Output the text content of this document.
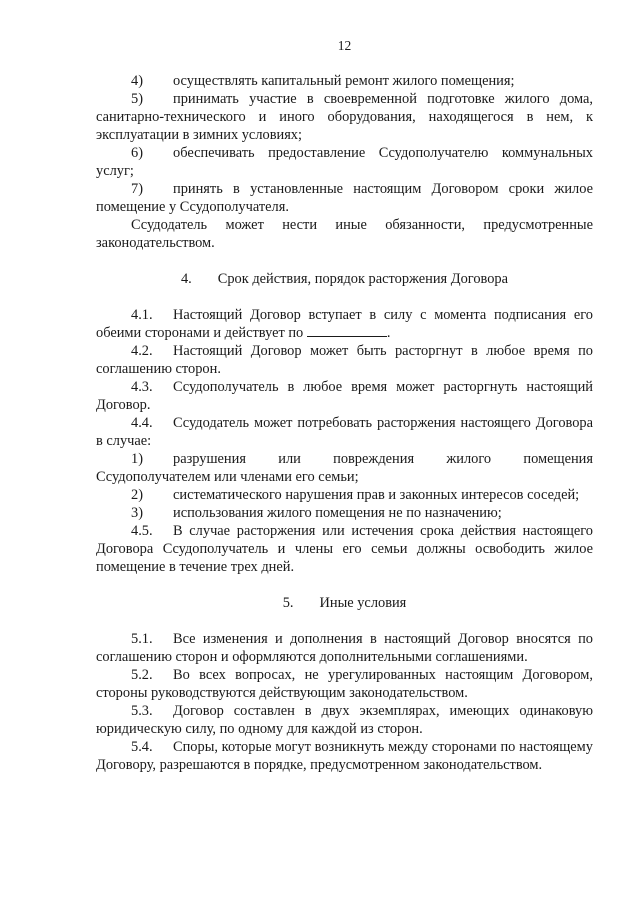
12

4) осуществлять капитальный ремонт жилого помещения;

5) принимать участие в своевременной подготовке жилого дома, санитарно-технического и иного оборудования, находящегося в нем, к эксплуатации в зимних условиях;

6) обеспечивать предоставление Ссудополучателю коммунальных услуг;

7) принять в установленные настоящим Договором сроки жилое помещение у Ссудополучателя.

Ссудодатель может нести иные обязанности, предусмотренные законодательством.

4. Срок действия, порядок расторжения Договора

4.1. Настоящий Договор вступает в силу с момента подписания его обеими сторонами и действует по	.

4.2. Настоящий Договор может быть расторгнут в любое время по соглашению сторон.

4.3. Ссудополучатель в любое время может расторгнуть настоящий Договор.

4.4. Ссудодатель может потребовать расторжения настоящего Договора в случае:

1) разрушения или повреждения жилого помещения Ссудополучателем или членами его семьи;

2) систематического нарушения прав и законных интересов соседей;

3) использования жилого помещения не по назначению;

4.5. В случае расторжения или истечения срока действия настоящего Договора Ссудополучатель и члены его семьи должны освободить жилое помещение в течение трех дней.

5. Иные условия

5.1. Все изменения и дополнения в настоящий Договор вносятся по соглашению сторон и оформляются дополнительными соглашениями.

5.2. Во всех вопросах, не урегулированных настоящим Договором, стороны руководствуются действующим законодательством.

5.3. Договор составлен в двух экземплярах, имеющих одинаковую юридическую силу, по одному для каждой из сторон.

5.4. Споры, которые могут возникнуть между сторонами по настоящему Договору, разрешаются в порядке, предусмотренном законодательством.
